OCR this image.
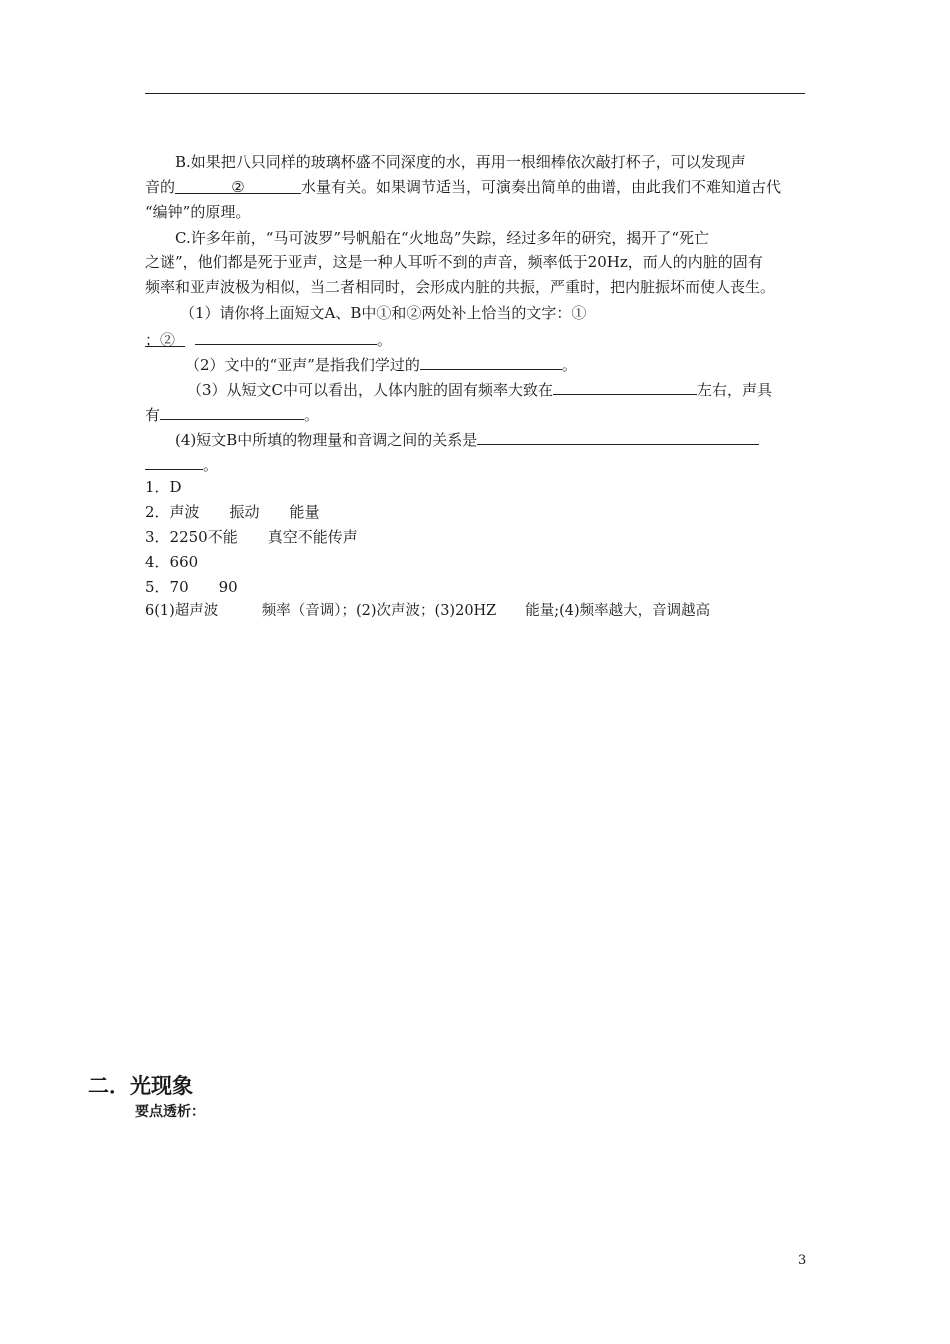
B.如果把八只同样的玻璃杯盛不同深度的水，再用一根细棒依次敲打杯子，可以发现声
音的	②	水量有关。如果调节适当，可演奏出简单的曲谱，由此我们不难知道古代
“编钟”的原理。
C.许多年前，“马可波罗”号帆船在“火地岛”失踪，经过多年的研究，揭开了“死亡
之谜”，他们都是死于亚声，这是一种人耳听不到的声音，频率低于20Hz，而人的内脏的固有
频率和亚声波极为相似，当二者相同时，会形成内脏的共振，严重时，把内脏振坏而使人丧生。
（1）请你将上面短文A、B中①和②两处补上恰当的文字：①
；②	。
（2）文中的“亚声”是指我们学过的	。
（3）从短文C中可以看出，人体内脏的固有频率大致在	左右，声具
有	。
(4)短文B中所填的物理量和音调之间的关系是
。
1．D
2．声波　　振动　　能量
3．2250不能　　真空不能传声
4．660
5．70　　90
6(1)超声波　　　频率（音调）；(2)次声波；(3)20HZ　　能量;(4)频率越大，音调越高
二．光现象
要点透析：
3
